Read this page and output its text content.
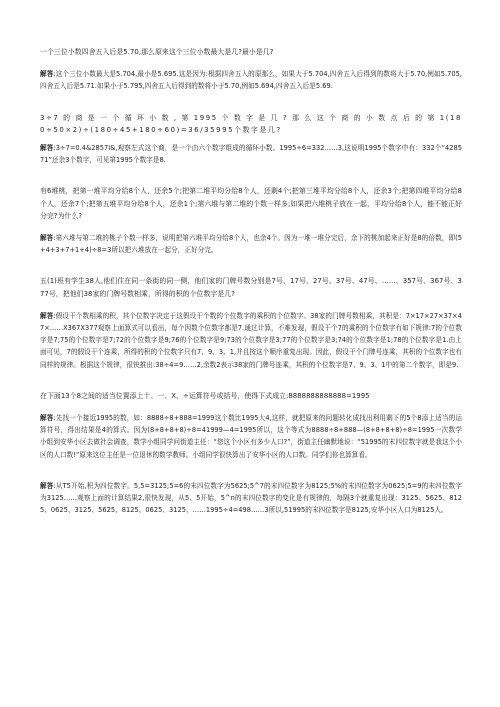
一个三位小数四舍五入后是5.70,那么原来这个三位小数最大是几?最小是几?

解答:这个三位小数最大是5.704,最小是5.695.这是因为:根据四舍五入的原那么，如果大于5.704,四舍五入后得到的数将大于5.70,例如5.705,四舍五入后是5.71.如果小于5.795,四舍五入后得到的数将小于5.70,例如5.694,四舍五入后是5.69.

3÷7 的 商 是 一 个 循 环 小 数 , 第 1995 个 数 字 是 几 ? 那 么 这 个 商 的 小 数 点 后 的 第 1(180÷50×2)÷(180÷45+180÷60)=36/35995个数字是几?

解答:3÷7=0.4&2857I&,观察左式这个商，是一个由六个数字组成的循环小数。1995÷6=332……3,这说明1995个数字中有：332个“428571”还余3个数字，可见第1995个数字是8.

有6堆桃，把第一堆平均分给8个人，还余5个;把第二堆平均分给8个人，还剩4个;把第三堆平均分给8个人，还余3个;把第四堆平均分给8个人，还余7个;把第五堆平均分给8个人，还余1个;第六堆与第二堆的个数一样多;如果把六堆桃子放在一起，平均分给8个人，能不能正好分完?为什么?

解答:第六堆与第二堆的桃子个数一样多，说明把第六堆平均分给8个人，也余4个。因为一堆一堆分完后，余下的桃加起来正好是8的倍数，即(5+4+3+7+1+4)÷8=3所以把六堆放在一起分，正好分完。

五(1)班有学生38人,他们住在同一条街的同一侧，他们家的门牌号数分别是7号、17号、27号、37号、47号、……、357号、367号、377号，把他们38家的门牌号数相乘，所得的积的个位数字是几?

解答:假设干个数相乘的积，其个位数字决定于这假设干个数的个位数字的乘积的个位数字。38家的门牌号数相乘，其积是：7×17×27×37×47×……X367X377观察上面算式可以看出，每个因数个位数字都是7.通过计算，不难发现，假设干个7的乘积的个位数字有如下规律:7的个位数字是7;75的个位数字是7;72的个位数字是9;76的个位数字是9;73的个位数字是3;77的个位数字是3;74的个位数字是1;78的个位数字是1.由上面可见，7的假设干个连乘，所得的积的个位数字只有7、9、3、1,并且按这个顺序重复出现。因此，假设干个门牌号连乘，其积的个位数字也有同样的规律。根据这个规律，很快推出:38÷4=9……2,余数2表示38家的门牌号连乘，其积的个位数字是7、9、3、1中的第二个数字，即是9.

在下面13个8之间的适当位置添上十、一、X、÷运算符号或括号，使得下式成立:8888888888888=1995

解答:先找一个接近1995的数，如：8888÷8+888=1999这个数比1995大4,这样，就把原来的问题转化成找出利用剩下的5个8添上适当的运算符号，得出结果是4的算式。因为(8+8+8+8)÷8=41999—4=1995所以，这个等式为8888÷8+888—(8+8+8+8)÷8=1995一次数学小组到安华小区去做社会调查，数学小组同学问街道主任：“您这个小区有多少人口?”，街道主任幽默地说：“51995的末四位数字就是我这个小区的人口数!”原来这位主任是一位退休的数学教师。小组同学很快算出了安华小区的人口数。同学们你也算算看。

解答:从T5开始,积为四位数字。5,5=3125;5=6的末四位数字为5625;5^7的末四位数字为8125;5%的末四位数字为0625;5=9的末四位数字为3125……观察上面的计算结果2,很快发现，从5、5开始，5^n的末四位数字的变化是有规律的，每隔3个就重复出现：3125、5625、8125、0625、3125、5625、8125、0625、3125、……1995÷4=498……3所以,51995的末四位数字是8125,安华小区人口为8125人。
